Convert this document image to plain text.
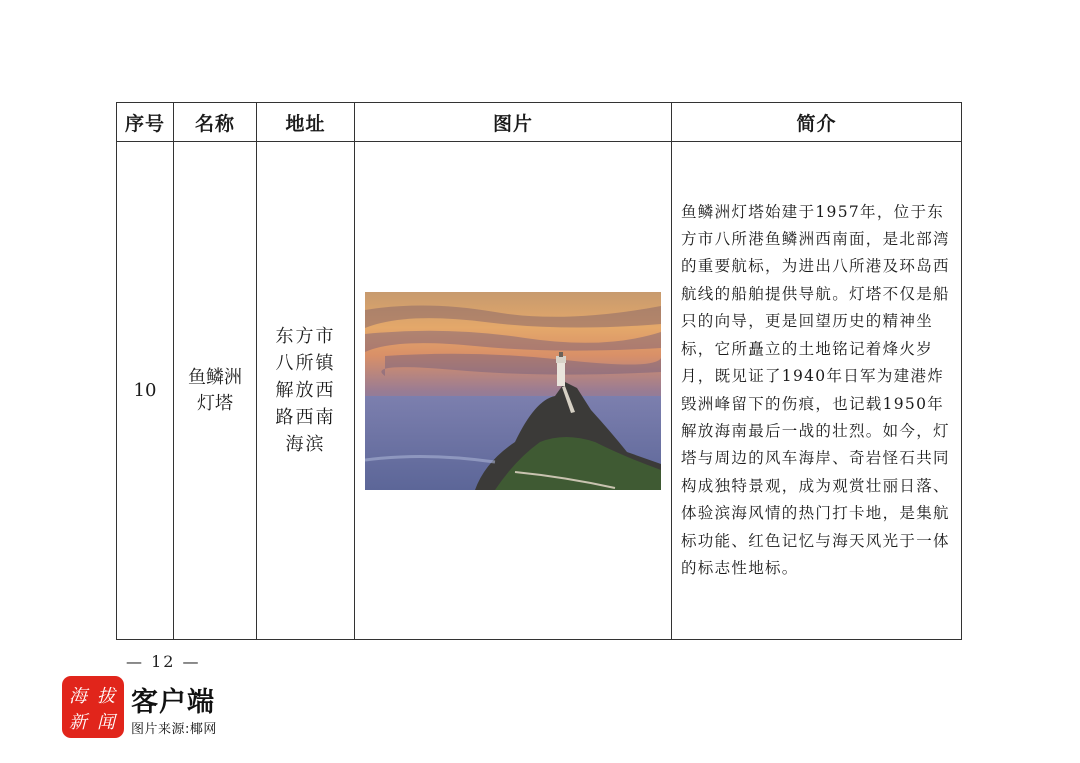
序号	名称	地址	图片	简介
10	鱼鳞洲灯塔	东方市八所镇解放西路西南海滨		鱼鳞洲灯塔始建于1957年，位于东方市八所港鱼鳞洲西南面，是北部湾的重要航标，为进出八所港及环岛西航线的船舶提供导航。灯塔不仅是船只的向导，更是回望历史的精神坐标，它所矗立的土地铭记着烽火岁月，既见证了1940年日军为建港炸毁洲峰留下的伤痕，也记载1950年解放海南最后一战的壮烈。如今，灯塔与周边的风车海岸、奇岩怪石共同构成独特景观，成为观赏壮丽日落、体验滨海风情的热门打卡地，是集航标功能、红色记忆与海天风光于一体的标志性地标。
— 12 —
海 拔
新 闻
客户端
图片来源:椰网
